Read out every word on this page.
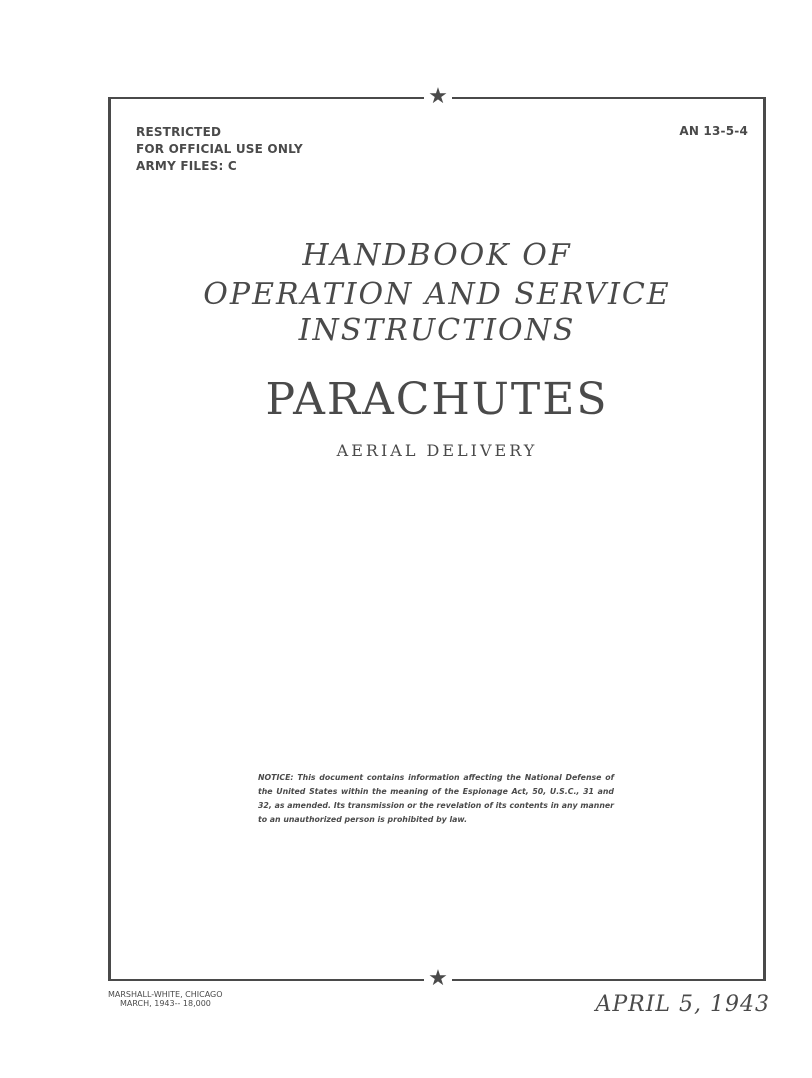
★
★
RESTRICTED
FOR OFFICIAL USE ONLY
ARMY FILES: C
AN 13-5-4
HANDBOOK OF
OPERATION AND SERVICE
INSTRUCTIONS
PARACHUTES
AERIAL DELIVERY
NOTICE: This document contains information affecting the National Defense of the United States within the meaning of the Espionage Act, 50, U.S.C., 31 and 32, as amended. Its transmission or the revelation of its contents in any manner to an unauthorized person is prohibited by law.
MARSHALL-WHITE, CHICAGO
MARCH, 1943-- 18,000	APRIL 5, 1943
